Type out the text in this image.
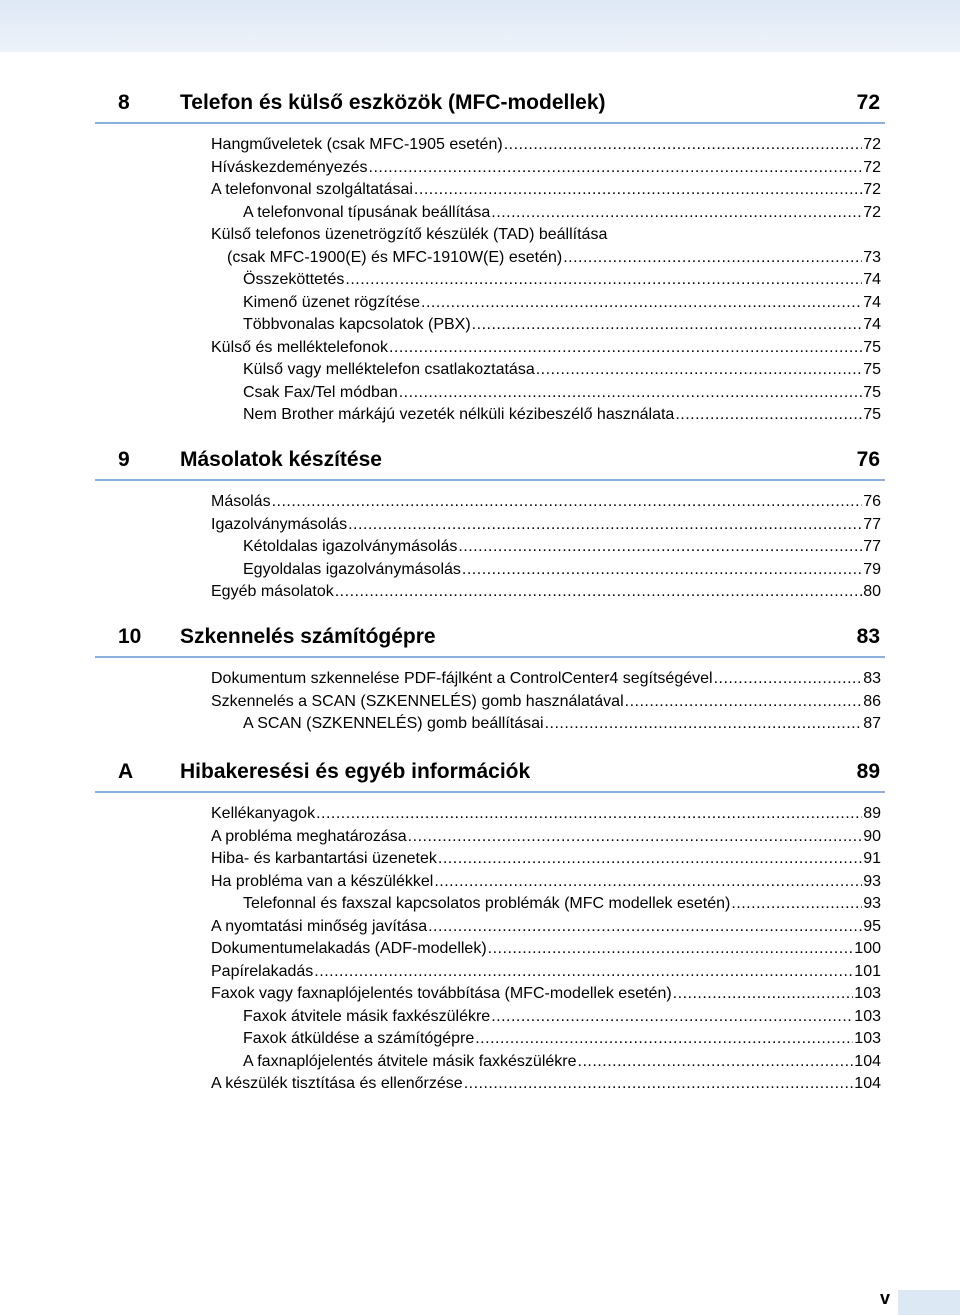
8 Telefon és külső eszközök (MFC-modellek)	72
Hangműveletek (csak MFC-1905 esetén) .....	72
Híváskezdeményezés .....	72
A telefonvonal szolgáltatásai .....	72
A telefonvonal típusának beállítása .....	72
Külső telefonos üzenetrögzítő készülék (TAD) beállítása
(csak MFC-1900(E) és MFC-1910W(E) esetén) .....	73
Összeköttetés .....	74
Kimenő üzenet rögzítése .....	74
Többvonalas kapcsolatok (PBX) .....	74
Külső és melléktelefonok .....	75
Külső vagy melléktelefon csatlakoztatása .....	75
Csak Fax/Tel módban .....	75
Nem Brother márkájú vezeték nélküli kézibeszélő használata .....	75
9 Másolatok készítése	76
Másolás .....	76
Igazolványmásolás .....	77
Kétoldalas igazolványmásolás .....	77
Egyoldalas igazolványmásolás .....	79
Egyéb másolatok .....	80
10 Szkennelés számítógépre	83
Dokumentum szkennelése PDF-fájlként a ControlCenter4 segítségével .....	83
Szkennelés a SCAN (SZKENNELÉS) gomb használatával .....	86
A SCAN (SZKENNELÉS) gomb beállításai .....	87
A Hibakeresési és egyéb információk	89
Kellékanyagok .....	89
A probléma meghatározása .....	90
Hiba- és karbantartási üzenetek .....	91
Ha probléma van a készülékkel .....	93
Telefonnal és faxszal kapcsolatos problémák (MFC modellek esetén) .....	93
A nyomtatási minőség javítása .....	95
Dokumentumelakadás (ADF-modellek) .....	100
Papírelakadás .....	101
Faxok vagy faxnaplójelentés továbbítása (MFC-modellek esetén) .....	103
Faxok átvitele másik faxkészülékre .....	103
Faxok átküldése a számítógépre .....	103
A faxnaplójelentés átvitele másik faxkészülékre .....	104
A készülék tisztítása és ellenőrzése .....	104
v
